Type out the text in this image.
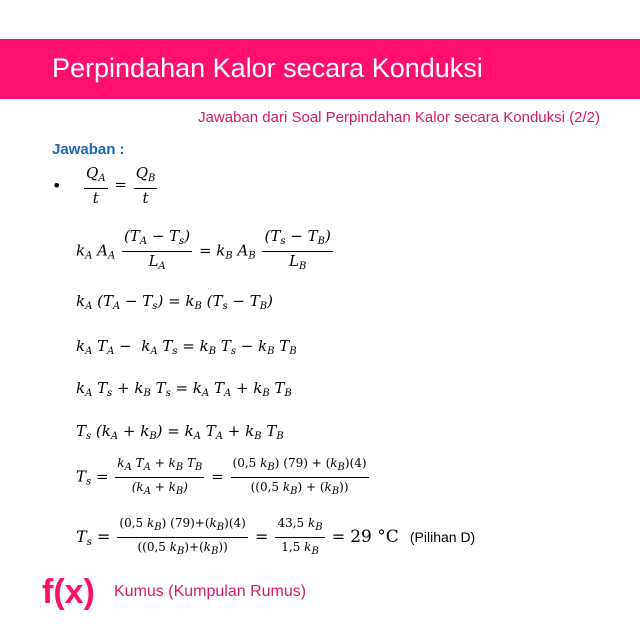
Perpindahan Kalor secara Konduksi
Jawaban dari Soal Perpindahan Kalor secara Konduksi (2/2)
Jawaban :
• $\frac{Q_A}{t} = \frac{Q_B}{t}$
$k_A$ $A_A \frac{(T_A - T_s)}{L_A} = k_B$ $A_B \frac{(T_s - T_B)}{L_B}$
$k_A$ $(T_A - T_s) = k_B$ $(T_s - T_B)$
$k_A$ $T_A - k_A$ $T_s = k_B$ $T_s - k_B$ $T_B$
$k_A$ $T_s + k_B$ $T_s = k_A$ $T_A + k_B$ $T_B$
$T_s$ $(k_A + k_B) = k_A$ $T_A + k_B$ $T_B$
$T_s = \frac{k_A T_A + k_B T_B}{(k_A + k_B)} = \frac{(0,5 k_B) (79) + (k_B)(4)}{((0,5 k_B) + (k_B))}$
$T_s = \frac{(0,5 k_B) (79)+(k_B)(4)}{((0,5 k_B)+(k_B))} = \frac{43,5 k_B}{1,5 k_B} = 29$ °C (Pilihan D)
f(x) Kumus (Kumpulan Rumus)
